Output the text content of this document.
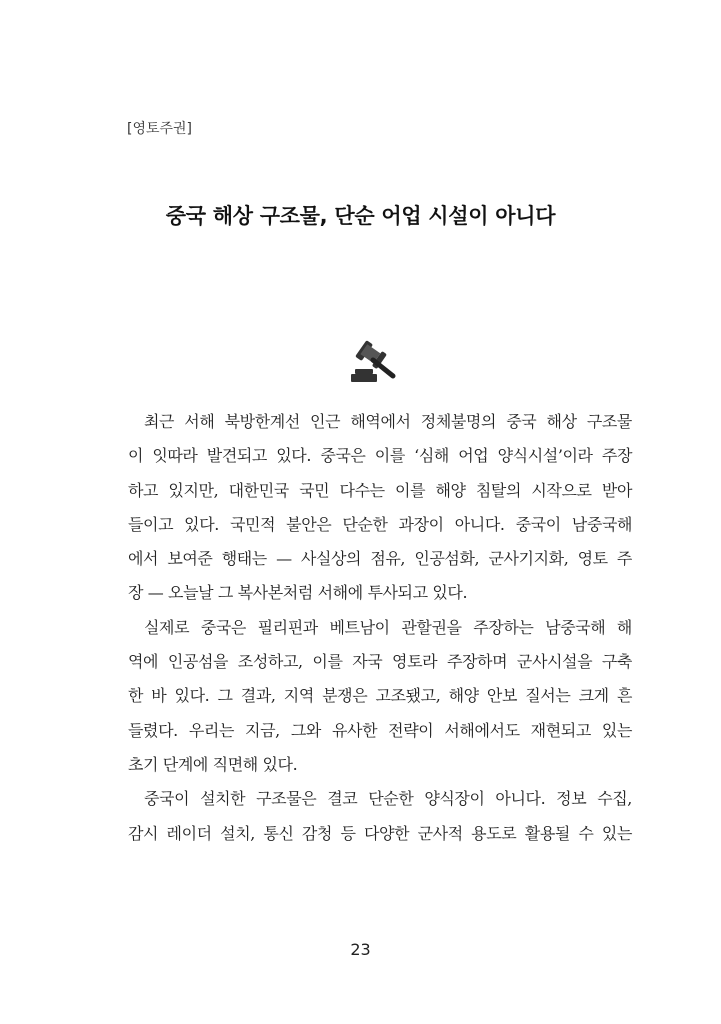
[영토주권]
중국 해상 구조물, 단순 어업 시설이 아니다
최근 서해 북방한계선 인근 해역에서 정체불명의 중국 해상 구조물
이 잇따라 발견되고 있다. 중국은 이를 ‘심해 어업 양식시설’이라 주장
하고 있지만, 대한민국 국민 다수는 이를 해양 침탈의 시작으로 받아
들이고 있다. 국민적 불안은 단순한 과장이 아니다. 중국이 남중국해
에서 보여준 행태는 — 사실상의 점유, 인공섬화, 군사기지화, 영토 주
장 — 오늘날 그 복사본처럼 서해에 투사되고 있다.
실제로 중국은 필리핀과 베트남이 관할권을 주장하는 남중국해 해
역에 인공섬을 조성하고, 이를 자국 영토라 주장하며 군사시설을 구축
한 바 있다. 그 결과, 지역 분쟁은 고조됐고, 해양 안보 질서는 크게 흔
들렸다. 우리는 지금, 그와 유사한 전략이 서해에서도 재현되고 있는
초기 단계에 직면해 있다.
중국이 설치한 구조물은 결코 단순한 양식장이 아니다. 정보 수집,
감시 레이더 설치, 통신 감청 등 다양한 군사적 용도로 활용될 수 있는
23
